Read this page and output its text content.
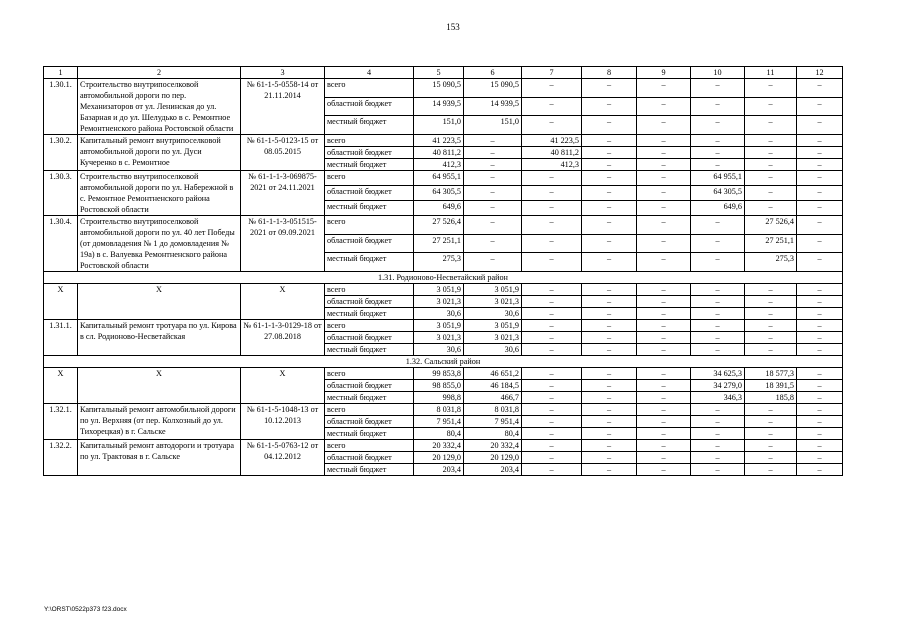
153
1	2	3	4	5	6	7	8	9	10	11	12
1.30.1.	Строительство внутрипоселковой автомобильной дороги по пер. Механизаторов от ул. Ленинская до ул. Базарная и до ул. Шелудько в с. Ремонтное Ремонтненского района Ростовской области	№ 61-1-5-0558-14 от 21.11.2014	всего	15 090,5	15 090,5	–	–	–	–	–	–
			областной бюджет	14 939,5	14 939,5	–	–	–	–	–	–
			местный бюджет	151,0	151,0	–	–	–	–	–	–
1.30.2.	Капитальный ремонт внутрипоселковой автомобильной дороги по ул. Дуси Кучеренко в с. Ремонтное	№ 61-1-5-0123-15 от 08.05.2015	всего	41 223,5	–	41 223,5	–	–	–	–	–
			областной бюджет	40 811,2	–	40 811,2	–	–	–	–	–
			местный бюджет	412,3	–	412,3	–	–	–	–	–
1.30.3.	Строительство внутрипоселковой автомобильной дороги по ул. Набережной в с. Ремонтное Ремонтненского района Ростовской области	№ 61-1-1-3-069875-2021 от 24.11.2021	всего	64 955,1	–	–	–	–	64 955,1	–	–
			областной бюджет	64 305,5	–	–	–	–	64 305,5	–	–
			местный бюджет	649,6	–	–	–	–	649,6	–	–
1.30.4.	Строительство внутрипоселковой автомобильной дороги по ул. 40 лет Победы (от домовладения № 1 до домовладения № 19а) в с. Валуевка Ремонтненского района Ростовской области	№ 61-1-1-3-051515-2021 от 09.09.2021	всего	27 526,4	–	–	–	–	–	27 526,4	–
			областной бюджет	27 251,1	–	–	–	–	–	27 251,1	–
			местный бюджет	275,3	–	–	–	–	–	275,3	–
1.31. Родионово-Несветайский район											
Х	Х	Х	всего	3 051,9	3 051,9	–	–	–	–	–	–
			областной бюджет	3 021,3	3 021,3	–	–	–	–	–	–
			местный бюджет	30,6	30,6	–	–	–	–	–	–
1.31.1.	Капитальный ремонт тротуара по ул. Кирова в сл. Родионово-Несветайская	№ 61-1-1-3-0129-18 от 27.08.2018	всего	3 051,9	3 051,9	–	–	–	–	–	–
			областной бюджет	3 021,3	3 021,3	–	–	–	–	–	–
			местный бюджет	30,6	30,6	–	–	–	–	–	–
1.32. Сальский район											
Х	Х	Х	всего	99 853,8	46 651,2	–	–	–	34 625,3	18 577,3	–
			областной бюджет	98 855,0	46 184,5	–	–	–	34 279,0	18 391,5	–
			местный бюджет	998,8	466,7	–	–	–	346,3	185,8	–
1.32.1.	Капитальный ремонт автомобильной дороги по ул. Верхняя (от пер. Колхозный до ул. Тихорецкая) в г. Сальске	№ 61-1-5-1048-13 от 10.12.2013	всего	8 031,8	8 031,8	–	–	–	–	–	–
			областной бюджет	7 951,4	7 951,4	–	–	–	–	–	–
			местный бюджет	80,4	80,4	–	–	–	–	–	–
1.32.2.	Капитальный ремонт автодороги и тротуара по ул. Трактовая в г. Сальске	№ 61-1-5-0763-12 от 04.12.2012	всего	20 332,4	20 332,4	–	–	–	–	–	–
			областной бюджет	20 129,0	20 129,0	–	–	–	–	–	–
			местный бюджет	203,4	203,4	–	–	–	–	–	–
Y:\ORST\0522p373 f23.docx
